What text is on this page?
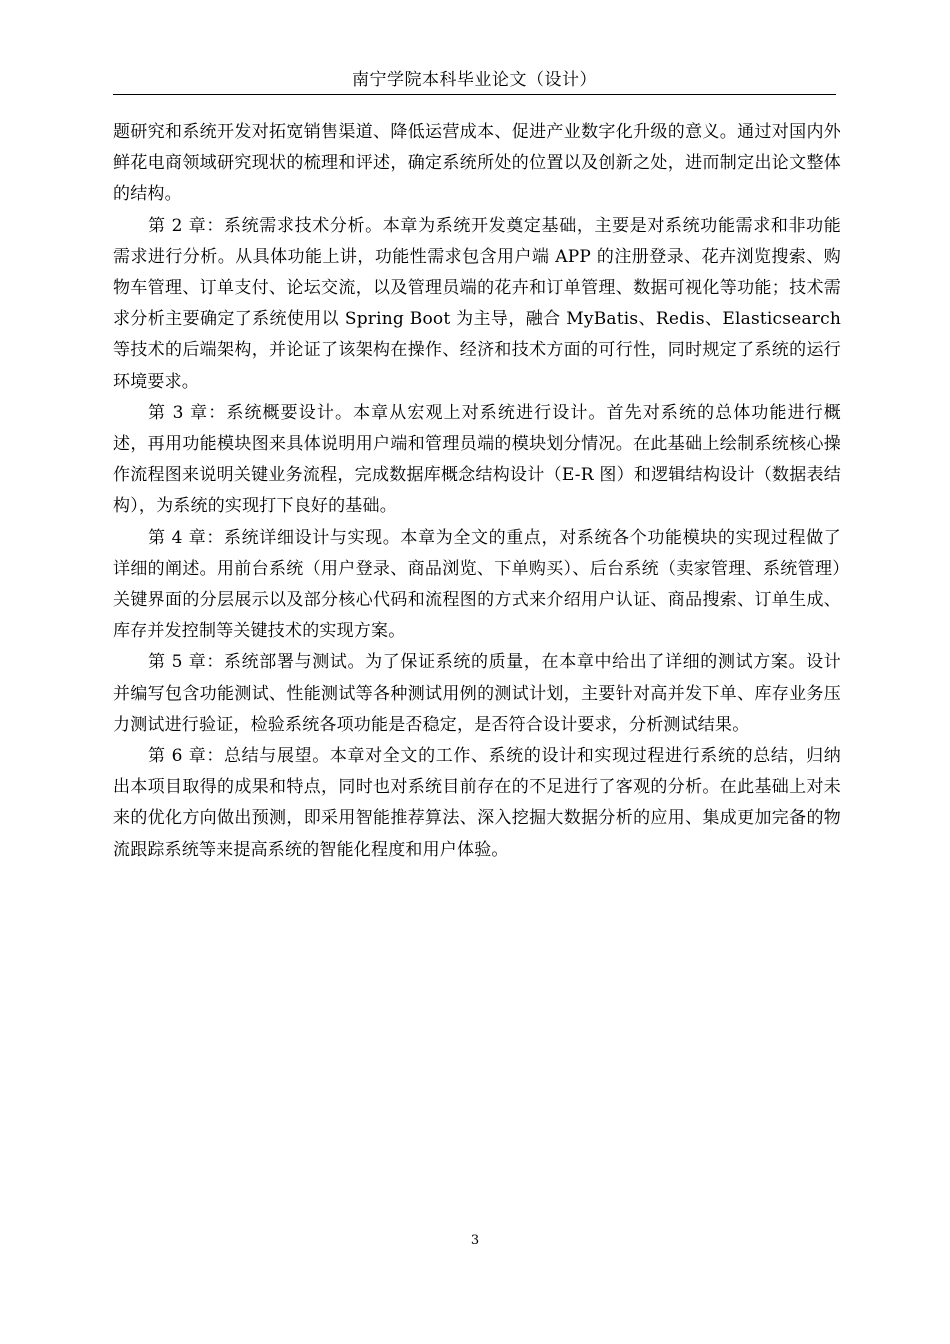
南宁学院本科毕业论文（设计）

题研究和系统开发对拓宽销售渠道、降低运营成本、促进产业数字化升级的意义。通过对国内外鲜花电商领域研究现状的梳理和评述，确定系统所处的位置以及创新之处，进而制定出论文整体的结构。

第 2 章：系统需求技术分析。本章为系统开发奠定基础，主要是对系统功能需求和非功能需求进行分析。从具体功能上讲，功能性需求包含用户端 APP 的注册登录、花卉浏览搜索、购物车管理、订单支付、论坛交流，以及管理员端的花卉和订单管理、数据可视化等功能；技术需求分析主要确定了系统使用以 Spring Boot 为主导，融合 MyBatis、Redis、Elasticsearch 等技术的后端架构，并论证了该架构在操作、经济和技术方面的可行性，同时规定了系统的运行环境要求。

第 3 章：系统概要设计。本章从宏观上对系统进行设计。首先对系统的总体功能进行概述，再用功能模块图来具体说明用户端和管理员端的模块划分情况。在此基础上绘制系统核心操作流程图来说明关键业务流程，完成数据库概念结构设计（E-R 图）和逻辑结构设计（数据表结构），为系统的实现打下良好的基础。

第 4 章：系统详细设计与实现。本章为全文的重点，对系统各个功能模块的实现过程做了详细的阐述。用前台系统（用户登录、商品浏览、下单购买）、后台系统（卖家管理、系统管理）关键界面的分层展示以及部分核心代码和流程图的方式来介绍用户认证、商品搜索、订单生成、库存并发控制等关键技术的实现方案。

第 5 章：系统部署与测试。为了保证系统的质量，在本章中给出了详细的测试方案。设计并编写包含功能测试、性能测试等各种测试用例的测试计划，主要针对高并发下单、库存业务压力测试进行验证，检验系统各项功能是否稳定，是否符合设计要求，分析测试结果。

第 6 章：总结与展望。本章对全文的工作、系统的设计和实现过程进行系统的总结，归纳出本项目取得的成果和特点，同时也对系统目前存在的不足进行了客观的分析。在此基础上对未来的优化方向做出预测，即采用智能推荐算法、深入挖掘大数据分析的应用、集成更加完备的物流跟踪系统等来提高系统的智能化程度和用户体验。

3
